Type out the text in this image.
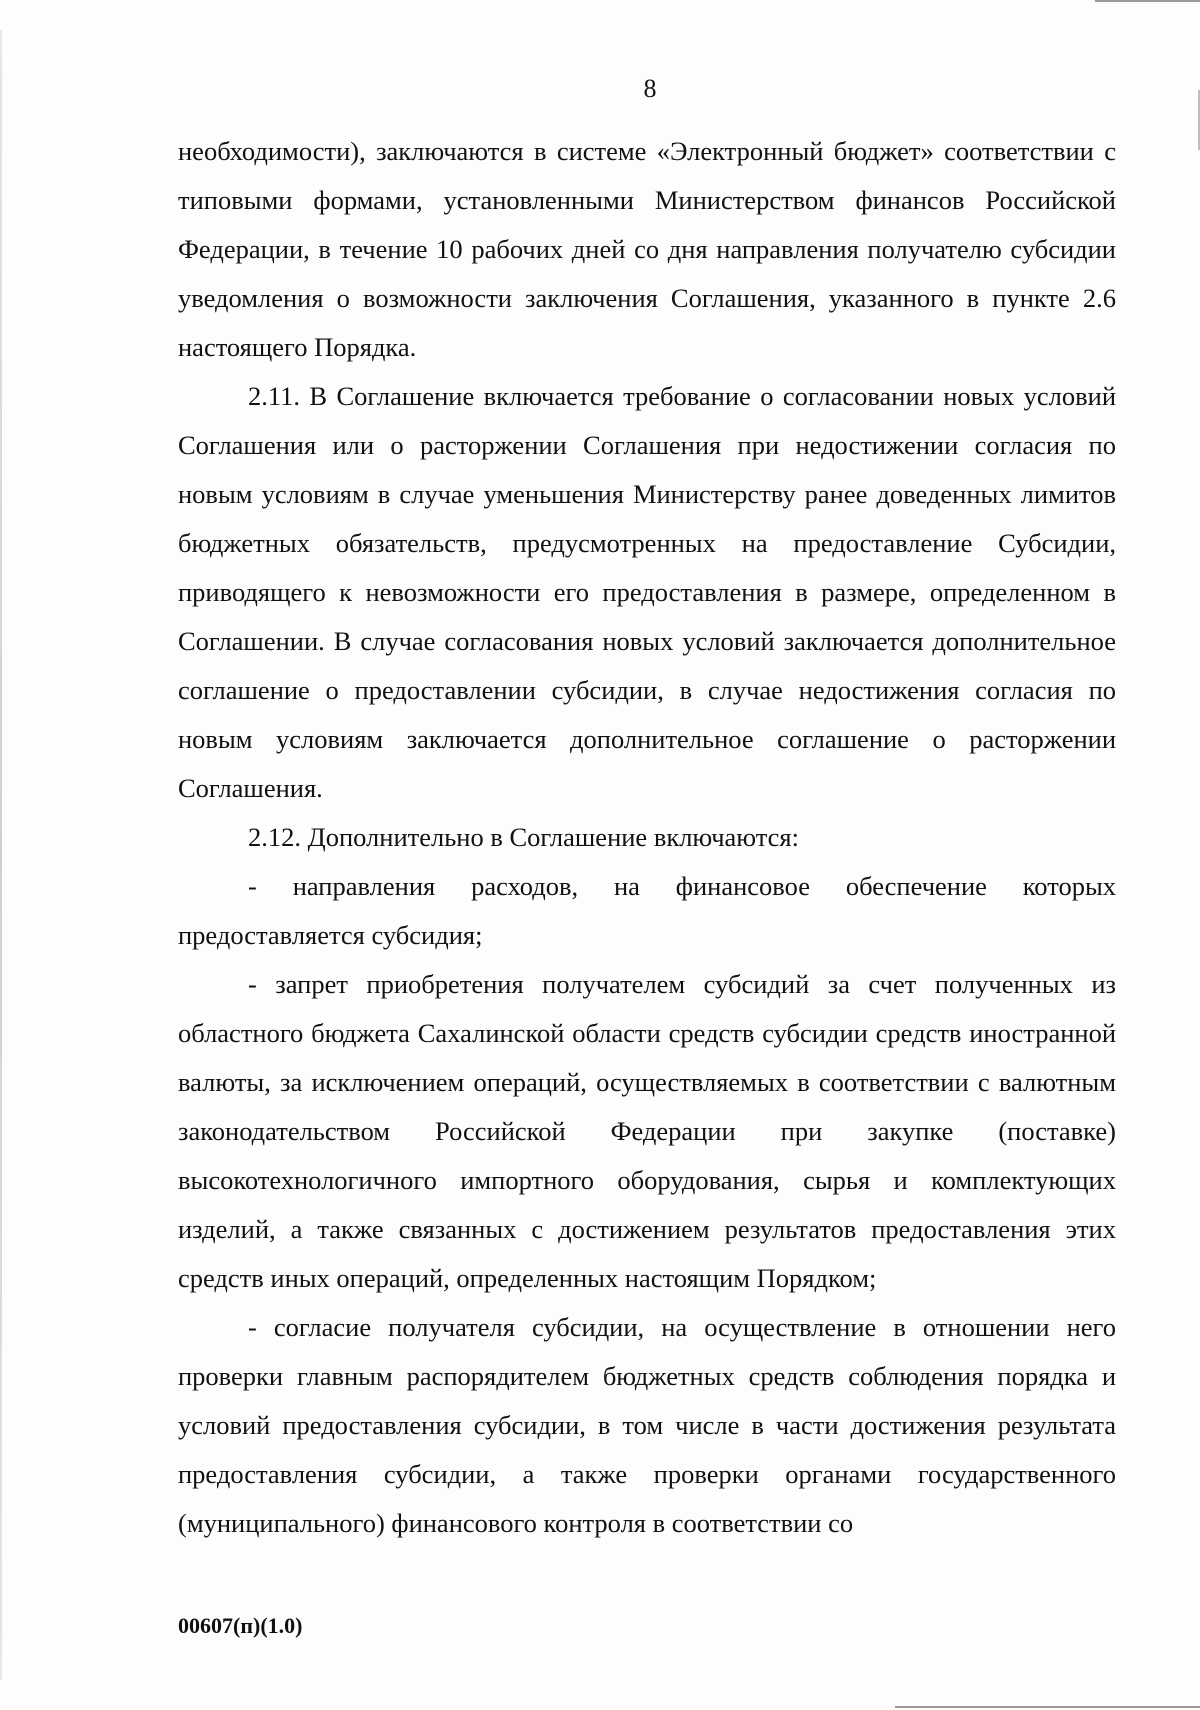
8

необходимости), заключаются в системе «Электронный бюджет» соответствии с типовыми формами, установленными Министерством финансов Российской Федерации, в течение 10 рабочих дней со дня направления получателю субсидии уведомления о возможности заключения Соглашения, указанного в пункте 2.6 настоящего Порядка.

2.11. В Соглашение включается требование о согласовании новых условий Соглашения или о расторжении Соглашения при недостижении согласия по новым условиям в случае уменьшения Министерству ранее доведенных лимитов бюджетных обязательств, предусмотренных на предоставление Субсидии, приводящего к невозможности его предоставления в размере, определенном в Соглашении. В случае согласования новых условий заключается дополнительное соглашение о предоставлении субсидии, в случае недостижения согласия по новым условиям заключается дополнительное соглашение о расторжении Соглашения.

2.12. Дополнительно в Соглашение включаются:

- направления расходов, на финансовое обеспечение которых предоставляется субсидия;

- запрет приобретения получателем субсидий за счет полученных из областного бюджета Сахалинской области средств субсидии средств иностранной валюты, за исключением операций, осуществляемых в соответствии с валютным законодательством Российской Федерации при закупке (поставке) высокотехнологичного импортного оборудования, сырья и комплектующих изделий, а также связанных с достижением результатов предоставления этих средств иных операций, определенных настоящим Порядком;

- согласие получателя субсидии, на осуществление в отношении него проверки главным распорядителем бюджетных средств соблюдения порядка и условий предоставления субсидии, в том числе в части достижения результата предоставления субсидии, а также проверки органами государственного (муниципального) финансового контроля в соответствии со

00607(п)(1.0)
